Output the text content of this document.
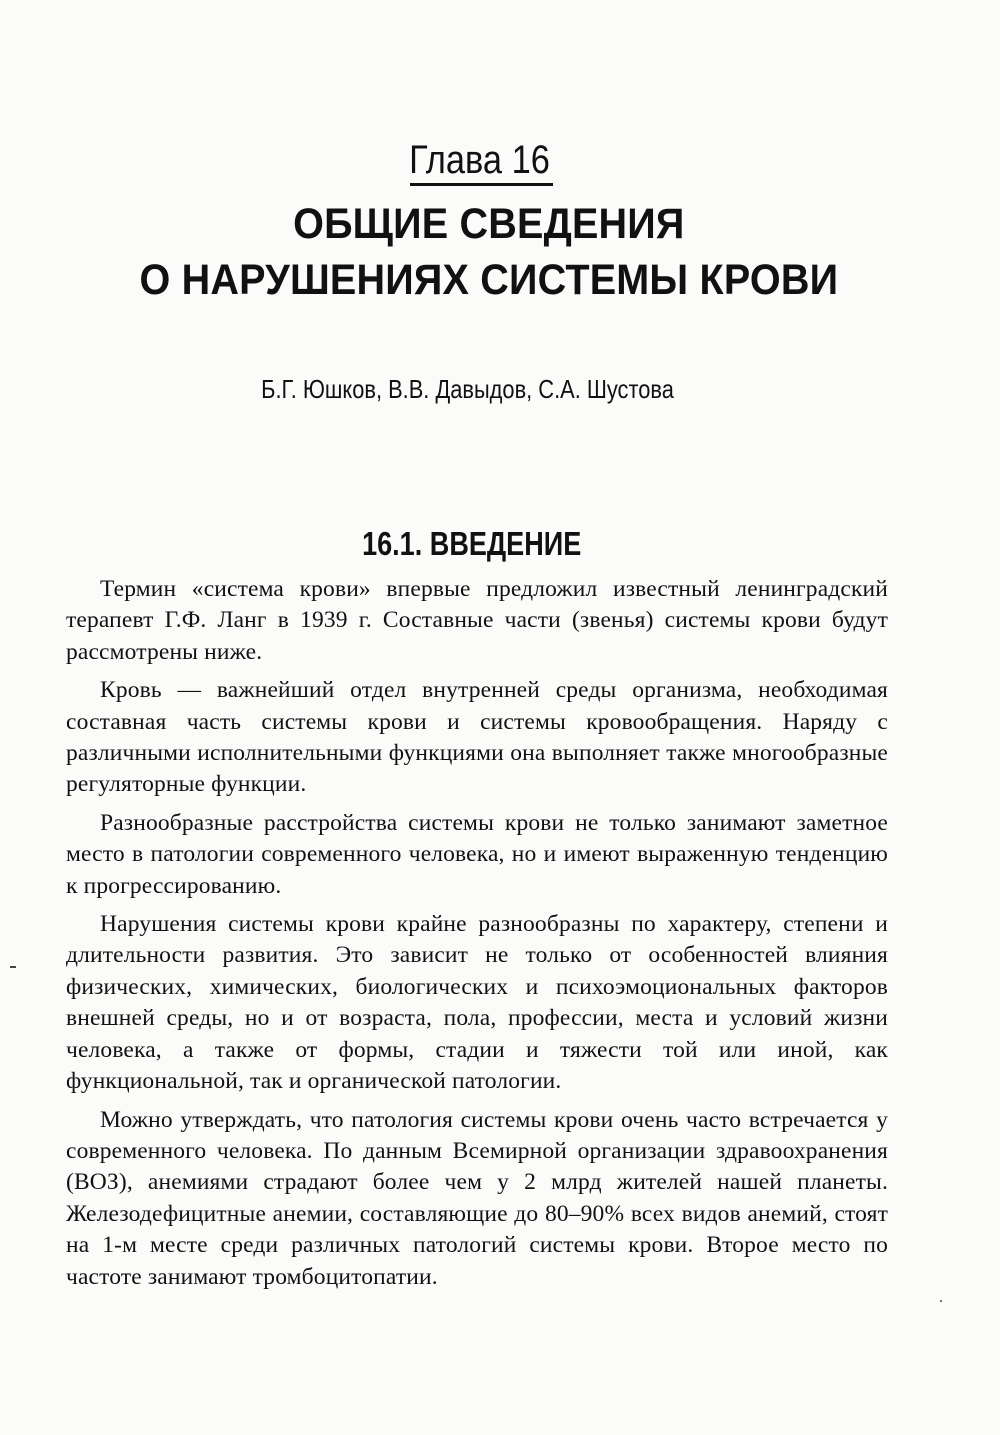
Глава 16
ОБЩИЕ СВЕДЕНИЯ
О НАРУШЕНИЯХ СИСТЕМЫ КРОВИ
Б.Г. Юшков, В.В. Давыдов, С.А. Шустова
16.1. ВВЕДЕНИЕ

Термин «система крови» впервые предложил известный ленинградский терапевт Г.Ф. Ланг в 1939 г. Составные части (звенья) системы крови будут рассмотрены ниже.

Кровь — важнейший отдел внутренней среды организма, необходимая составная часть системы крови и системы кровообращения. Наряду с различными исполнительными функциями она выполняет также многообразные регуляторные функции.

Разнообразные расстройства системы крови не только занимают заметное место в патологии современного человека, но и имеют выраженную тенденцию к прогрессированию.

Нарушения системы крови крайне разнообразны по характеру, степени и длительности развития. Это зависит не только от особенностей влияния физических, химических, биологических и психоэмоциональных факторов внешней среды, но и от возраста, пола, профессии, места и условий жизни человека, а также от формы, стадии и тяжести той или иной, как функциональной, так и органической патологии.

Можно утверждать, что патология системы крови очень часто встречается у современного человека. По данным Всемирной организации здравоохранения (ВОЗ), анемиями страдают более чем у 2 млрд жителей нашей планеты. Железодефицитные анемии, составляющие до 80–90% всех видов анемий, стоят на 1-м месте среди различных патологий системы крови. Второе место по частоте занимают тромбоцитопатии.
